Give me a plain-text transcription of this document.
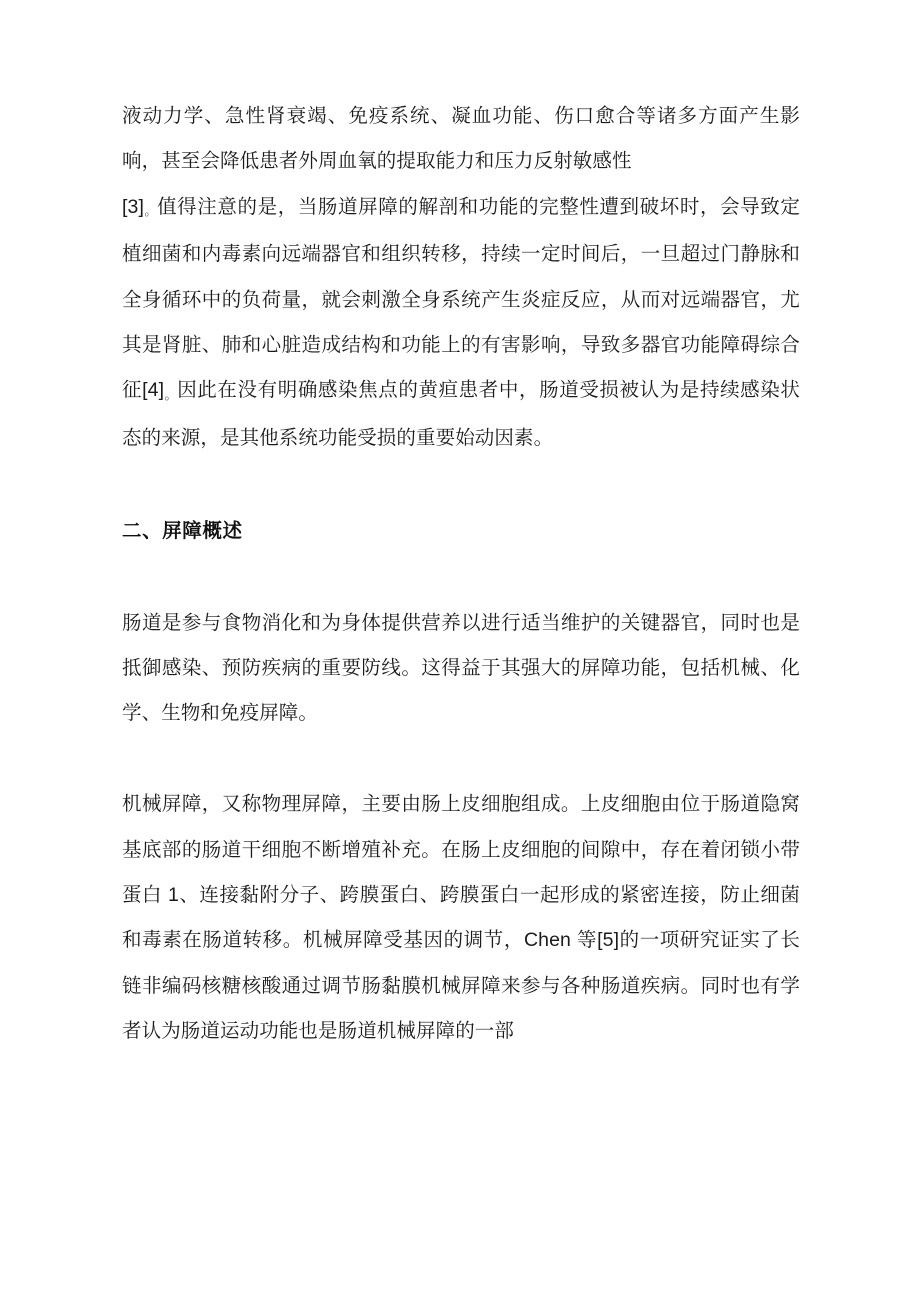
液动力学、急性肾衰竭、免疫系统、凝血功能、伤口愈合等诸多方面产生影响，甚至会降低患者外周血氧的提取能力和压力反射敏感性

[3]。值得注意的是，当肠道屏障的解剖和功能的完整性遭到破坏时，会导致定植细菌和内毒素向远端器官和组织转移，持续一定时间后，一旦超过门静脉和全身循环中的负荷量，就会刺激全身系统产生炎症反应，从而对远端器官，尤其是肾脏、肺和心脏造成结构和功能上的有害影响，导致多器官功能障碍综合征[4]。因此在没有明确感染焦点的黄疸患者中，肠道受损被认为是持续感染状态的来源，是其他系统功能受损的重要始动因素。

二、屏障概述

肠道是参与食物消化和为身体提供营养以进行适当维护的关键器官，同时也是抵御感染、预防疾病的重要防线。这得益于其强大的屏障功能，包括机械、化学、生物和免疫屏障。

机械屏障，又称物理屏障，主要由肠上皮细胞组成。上皮细胞由位于肠道隐窝基底部的肠道干细胞不断增殖补充。在肠上皮细胞的间隙中，存在着闭锁小带蛋白 1、连接黏附分子、跨膜蛋白、跨膜蛋白一起形成的紧密连接，防止细菌和毒素在肠道转移。机械屏障受基因的调节，Chen 等[5]的一项研究证实了长链非编码核糖核酸通过调节肠黏膜机械屏障来参与各种肠道疾病。同时也有学者认为肠道运动功能也是肠道机械屏障的一部
